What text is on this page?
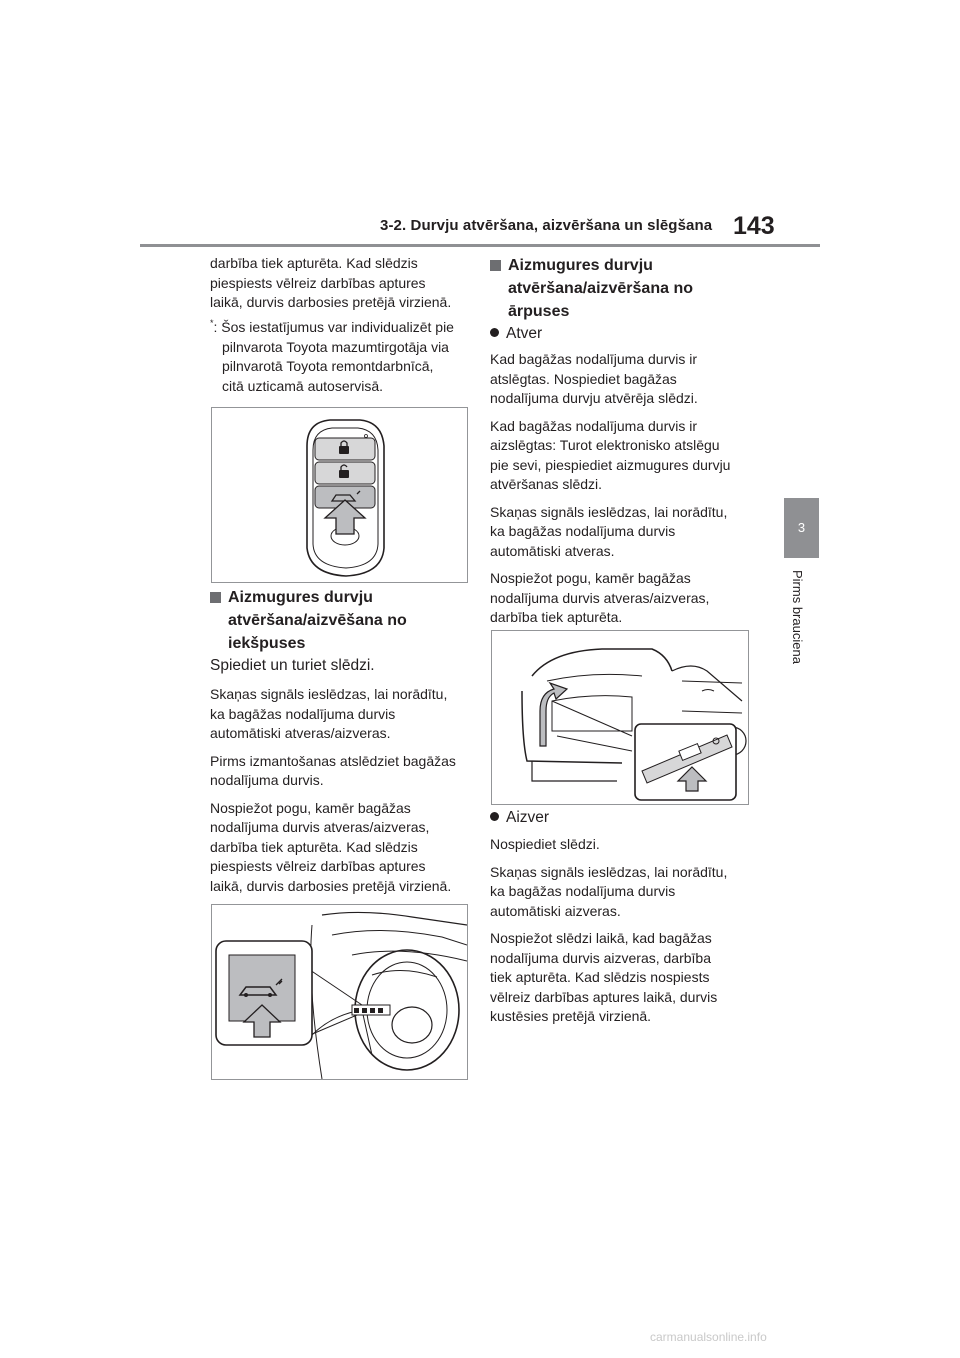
3-2. Durvju atvēršana, aizvēršana un slēgšana 143
3
Pirms brauciena

darbība tiek apturēta. Kad slēdzis

piespiests vēlreiz darbības aptures

laikā, durvis darbosies pretējā virzienā.

*: Šos iestatījumus var individualizēt pie

pilnvarota Toyota mazumtirgotāja via

pilnvarotā Toyota remontdarbnīcā,

citā uzticamā autoservisā.

Aizmugures durvju
atvēršana/aizvēšana no
iekšpuses

Spiediet un turiet slēdzi.

Skaņas signāls ieslēdzas, lai norādītu,

ka bagāžas nodalījuma durvis

automātiski atveras/aizveras.

Pirms izmantošanas atslēdziet bagāžas

nodalījuma durvis.

Nospiežot pogu, kamēr bagāžas

nodalījuma durvis atveras/aizveras,

darbība tiek apturēta. Kad slēdzis

piespiests vēlreiz darbības aptures

laikā, durvis darbosies pretējā virzienā.

Aizmugures durvju
atvēršana/aizvēršana no
ārpuses
Atver

Kad bagāžas nodalījuma durvis ir

atslēgtas. Nospiediet bagāžas

nodalījuma durvju atvērēja slēdzi.

Kad bagāžas nodalījuma durvis ir

aizslēgtas: Turot elektronisko atslēgu

pie sevi, piespiediet aizmugures durvju

atvēršanas slēdzi.

Skaņas signāls ieslēdzas, lai norādītu,

ka bagāžas nodalījuma durvis

automātiski atveras.

Nospiežot pogu, kamēr bagāžas

nodalījuma durvis atveras/aizveras,

darbība tiek apturēta.

Aizver

Nospiediet slēdzi.

Skaņas signāls ieslēdzas, lai norādītu,

ka bagāžas nodalījuma durvis

automātiski aizveras.

Nospiežot slēdzi laikā, kad bagāžas

nodalījuma durvis aizveras, darbība

tiek apturēta. Kad slēdzis nospiests

vēlreiz darbības aptures laikā, durvis

kustēsies pretējā virzienā.

carmanualsonline.info
